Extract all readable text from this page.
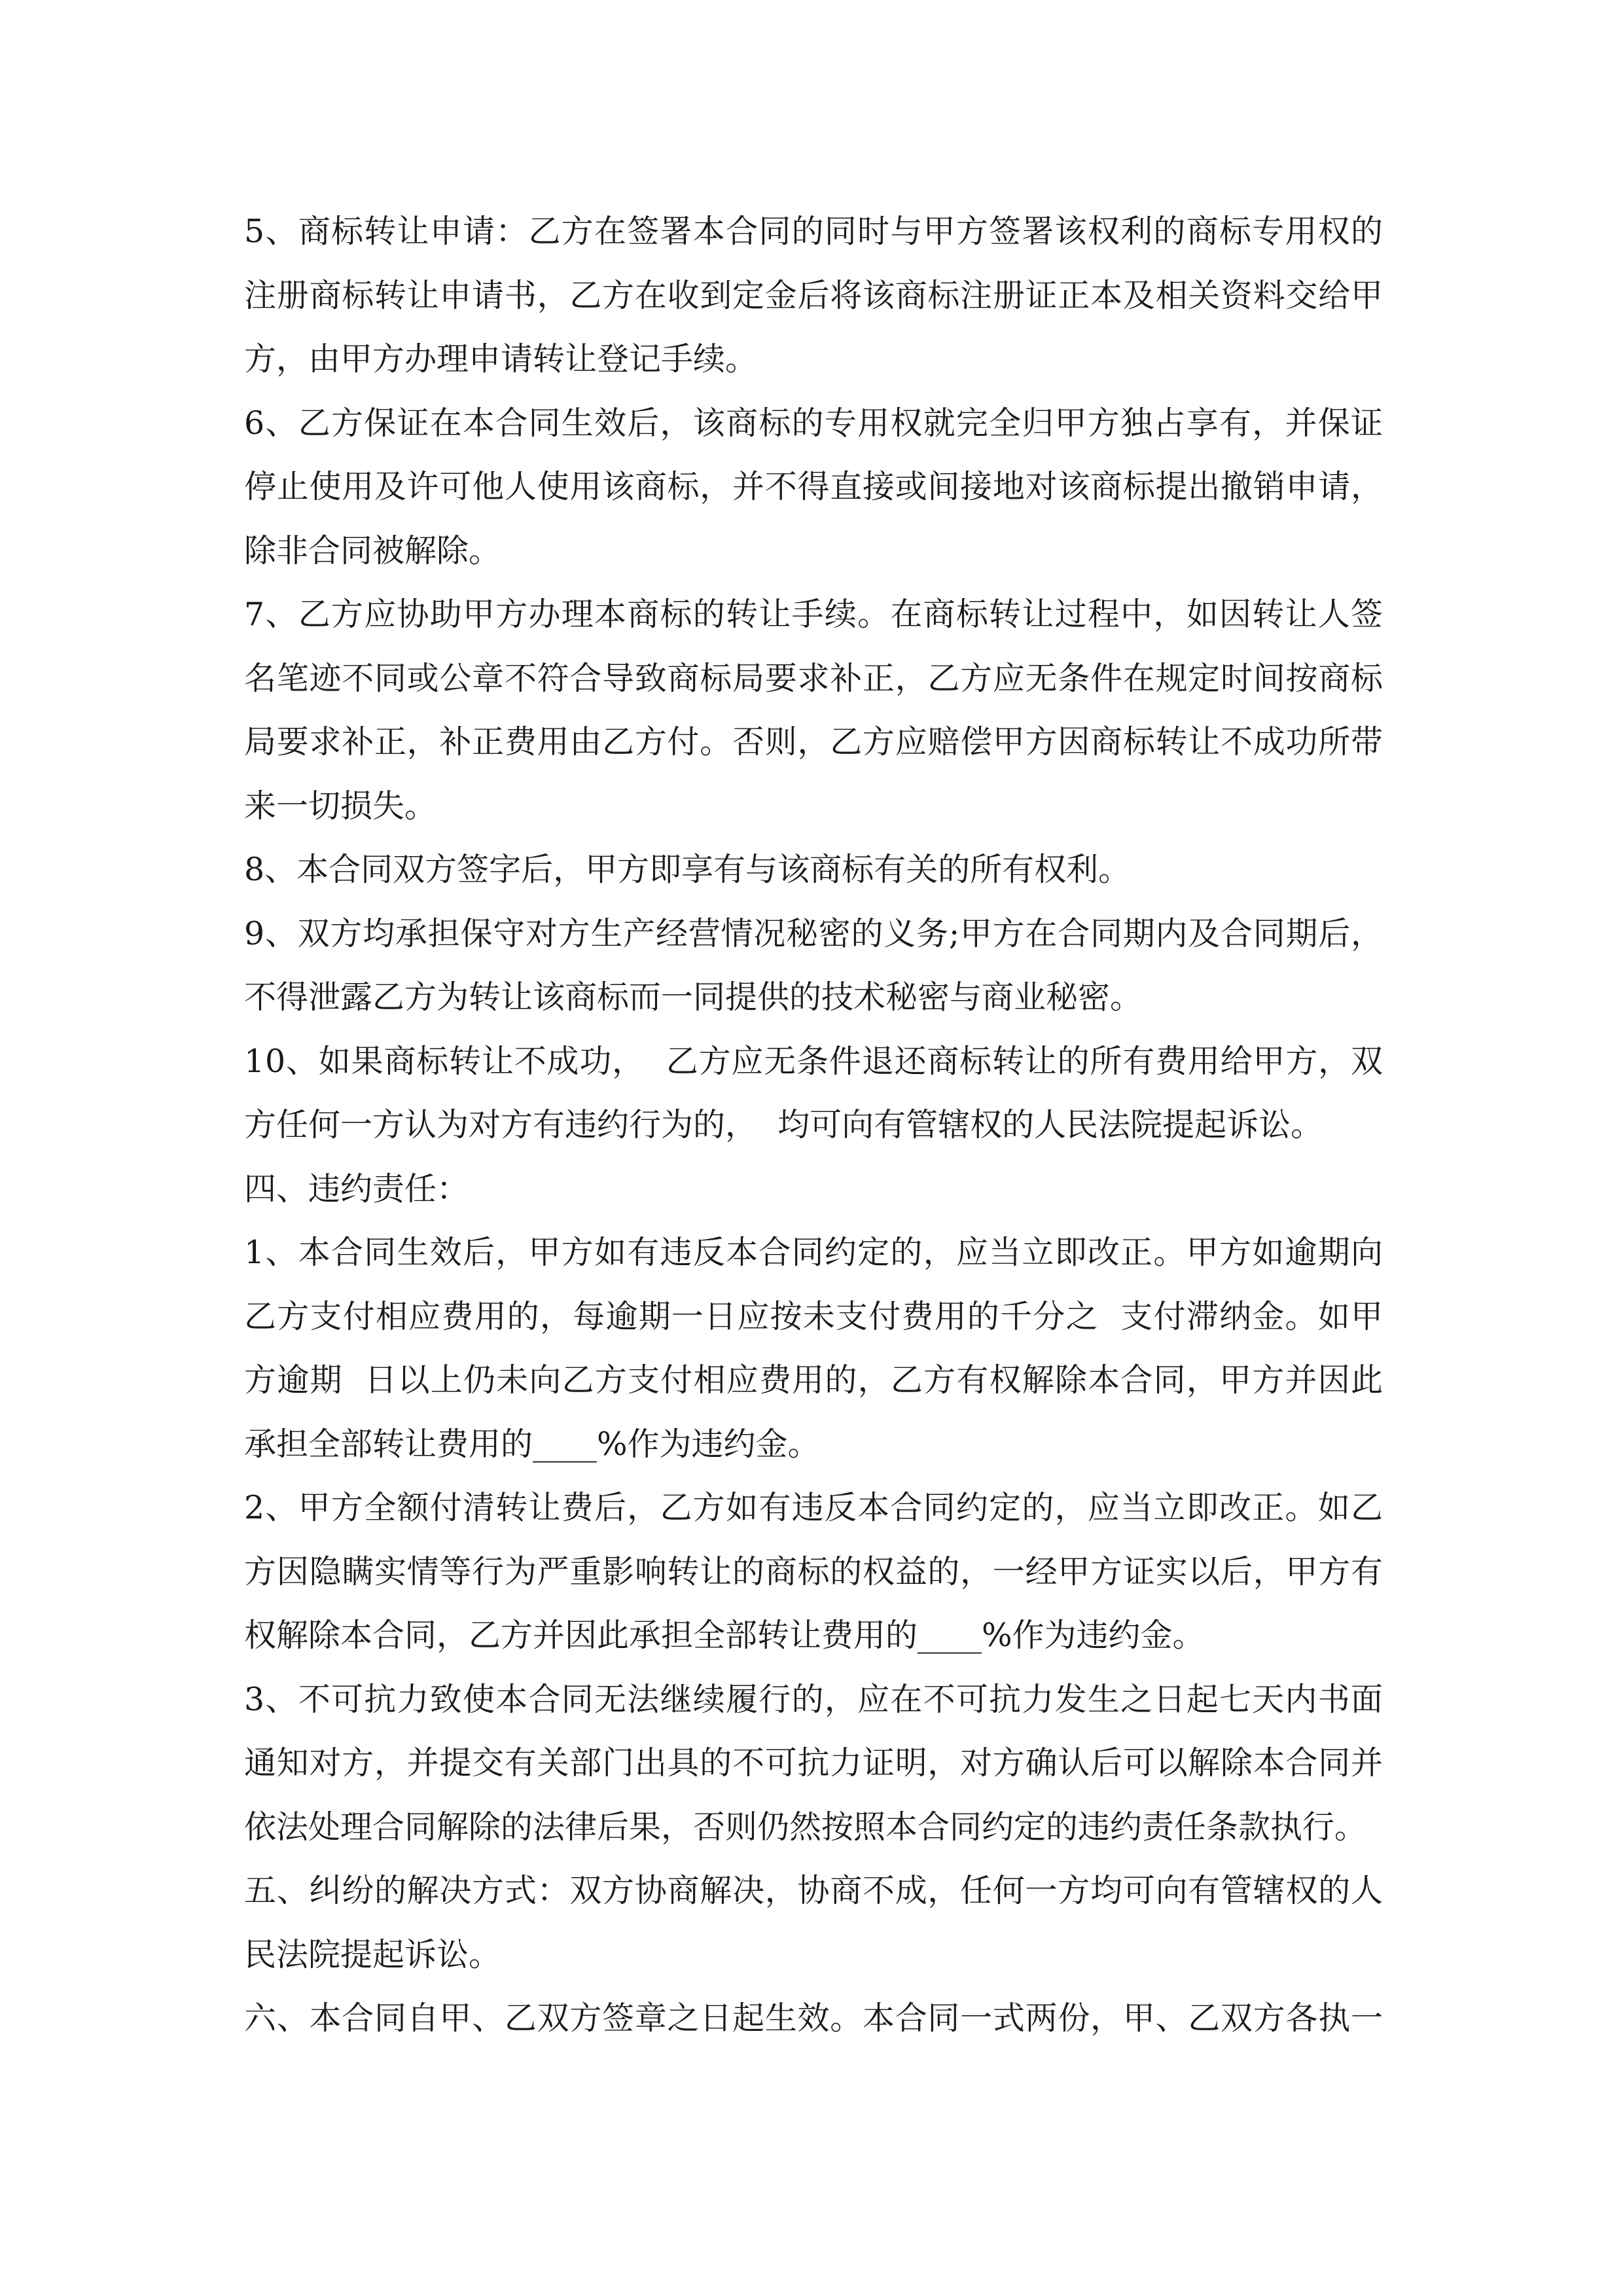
5、商标转让申请：乙方在签署本合同的同时与甲方签署该权利的商标专用权的
注册商标转让申请书，乙方在收到定金后将该商标注册证正本及相关资料交给甲
方，由甲方办理申请转让登记手续。
6、乙方保证在本合同生效后，该商标的专用权就完全归甲方独占享有，并保证
停止使用及许可他人使用该商标，并不得直接或间接地对该商标提出撤销申请，
除非合同被解除。
7、乙方应协助甲方办理本商标的转让手续。在商标转让过程中，如因转让人签
名笔迹不同或公章不符合导致商标局要求补正，乙方应无条件在规定时间按商标
局要求补正，补正费用由乙方付。否则，乙方应赔偿甲方因商标转让不成功所带
来一切损失。
8、本合同双方签字后，甲方即享有与该商标有关的所有权利。
9、双方均承担保守对方生产经营情况秘密的义务;甲方在合同期内及合同期后，
不得泄露乙方为转让该商标而一同提供的技术秘密与商业秘密。
10、如果商标转让不成功，  乙方应无条件退还商标转让的所有费用给甲方，双
方任何一方认为对方有违约行为的，  均可向有管辖权的人民法院提起诉讼。
四、违约责任：
1、本合同生效后，甲方如有违反本合同约定的，应当立即改正。甲方如逾期向
乙方支付相应费用的，每逾期一日应按未支付费用的千分之  支付滞纳金。如甲
方逾期  日以上仍未向乙方支付相应费用的，乙方有权解除本合同，甲方并因此
承担全部转让费用的____%作为违约金。
2、甲方全额付清转让费后，乙方如有违反本合同约定的，应当立即改正。如乙
方因隐瞒实情等行为严重影响转让的商标的权益的，一经甲方证实以后，甲方有
权解除本合同，乙方并因此承担全部转让费用的____%作为违约金。
3、不可抗力致使本合同无法继续履行的，应在不可抗力发生之日起七天内书面
通知对方，并提交有关部门出具的不可抗力证明，对方确认后可以解除本合同并
依法处理合同解除的法律后果，否则仍然按照本合同约定的违约责任条款执行。
五、纠纷的解决方式：双方协商解决，协商不成，任何一方均可向有管辖权的人
民法院提起诉讼。
六、本合同自甲、乙双方签章之日起生效。本合同一式两份，甲、乙双方各执一
